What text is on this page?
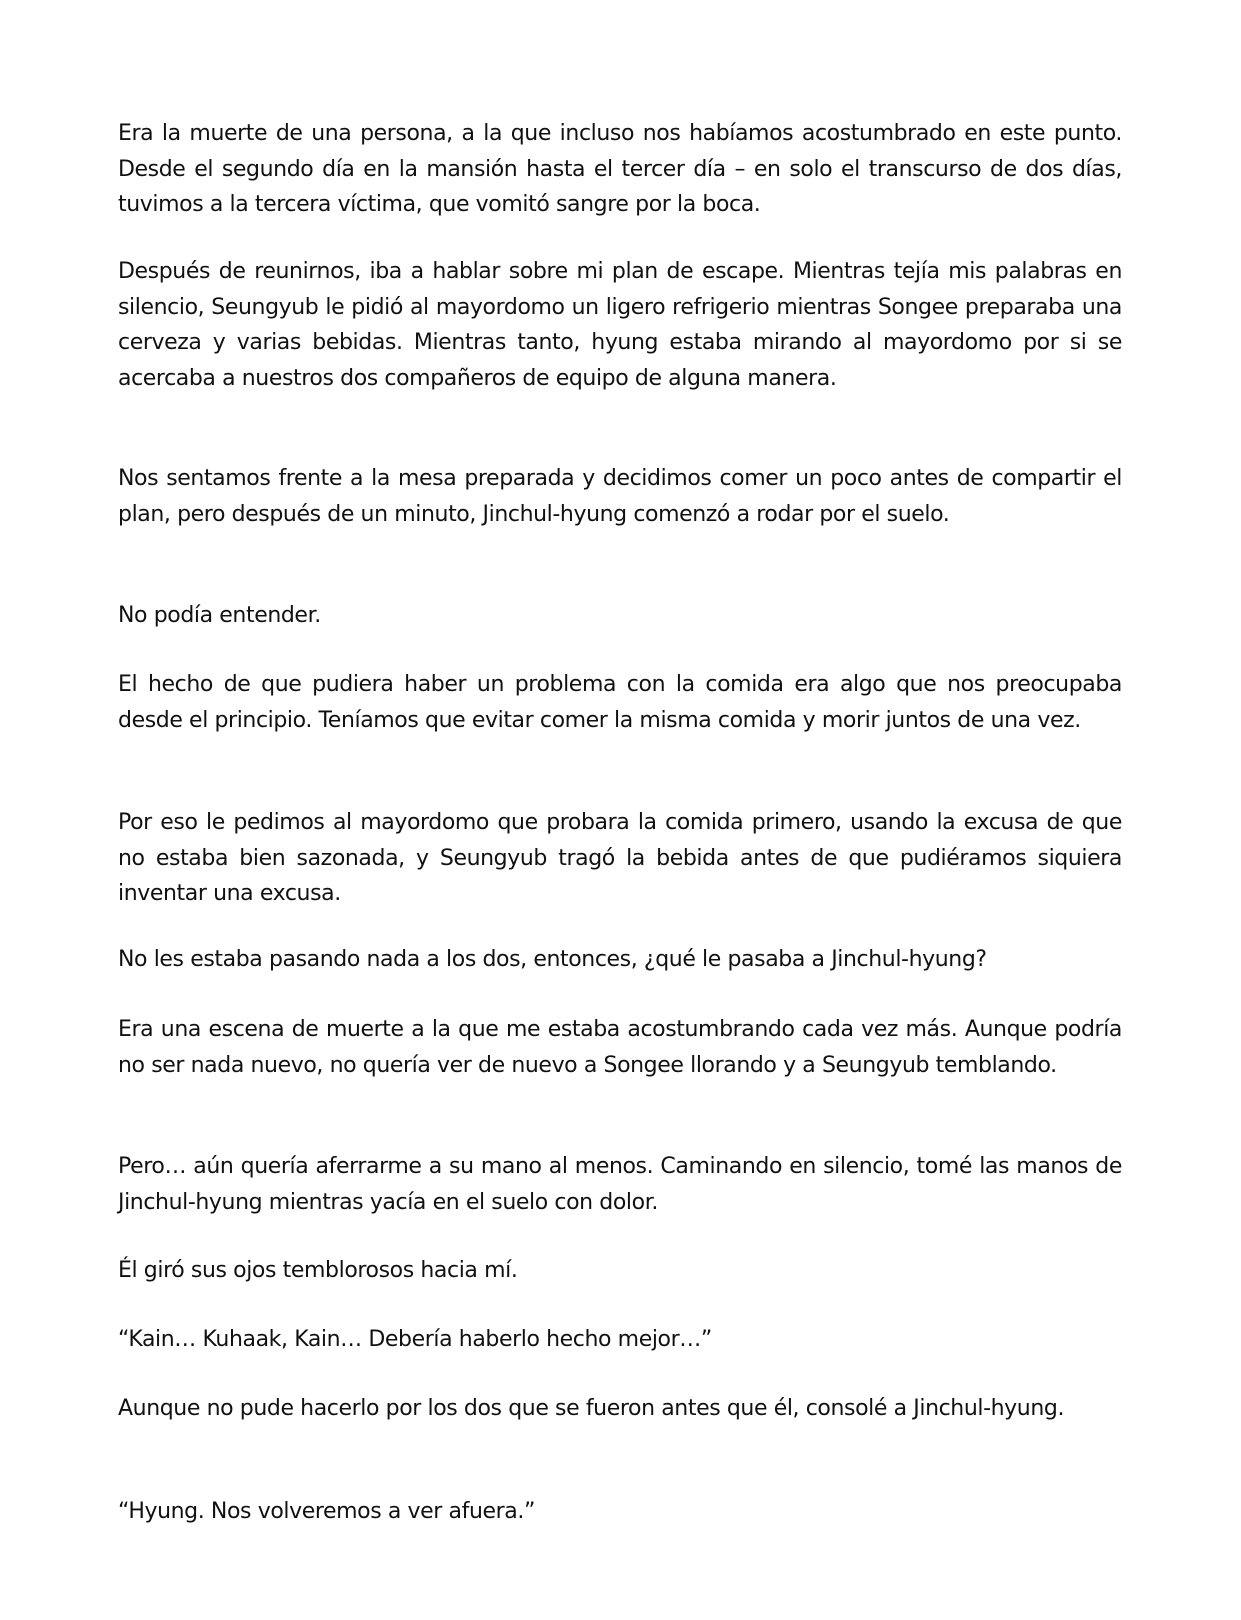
Era la muerte de una persona, a la que incluso nos habíamos acostumbrado en este punto. Desde el segundo día en la mansión hasta el tercer día – en solo el transcurso de dos días, tuvimos a la tercera víctima, que vomitó sangre por la boca.

Después de reunirnos, iba a hablar sobre mi plan de escape. Mientras tejía mis palabras en silencio, Seungyub le pidió al mayordomo un ligero refrigerio mientras Songee preparaba una cerveza y varias bebidas. Mientras tanto, hyung estaba mirando al mayordomo por si se acercaba a nuestros dos compañeros de equipo de alguna manera.

Nos sentamos frente a la mesa preparada y decidimos comer un poco antes de compartir el plan, pero después de un minuto, Jinchul-hyung comenzó a rodar por el suelo.

No podía entender.

El hecho de que pudiera haber un problema con la comida era algo que nos preocupaba desde el principio. Teníamos que evitar comer la misma comida y morir juntos de una vez.

Por eso le pedimos al mayordomo que probara la comida primero, usando la excusa de que no estaba bien sazonada, y Seungyub tragó la bebida antes de que pudiéramos siquiera inventar una excusa.

No les estaba pasando nada a los dos, entonces, ¿qué le pasaba a Jinchul-hyung?

Era una escena de muerte a la que me estaba acostumbrando cada vez más. Aunque podría no ser nada nuevo, no quería ver de nuevo a Songee llorando y a Seungyub temblando.

Pero… aún quería aferrarme a su mano al menos. Caminando en silencio, tomé las manos de Jinchul-hyung mientras yacía en el suelo con dolor.

Él giró sus ojos temblorosos hacia mí.

“Kain… Kuhaak, Kain… Debería haberlo hecho mejor…”

Aunque no pude hacerlo por los dos que se fueron antes que él, consolé a Jinchul-hyung.

“Hyung. Nos volveremos a ver afuera.”
